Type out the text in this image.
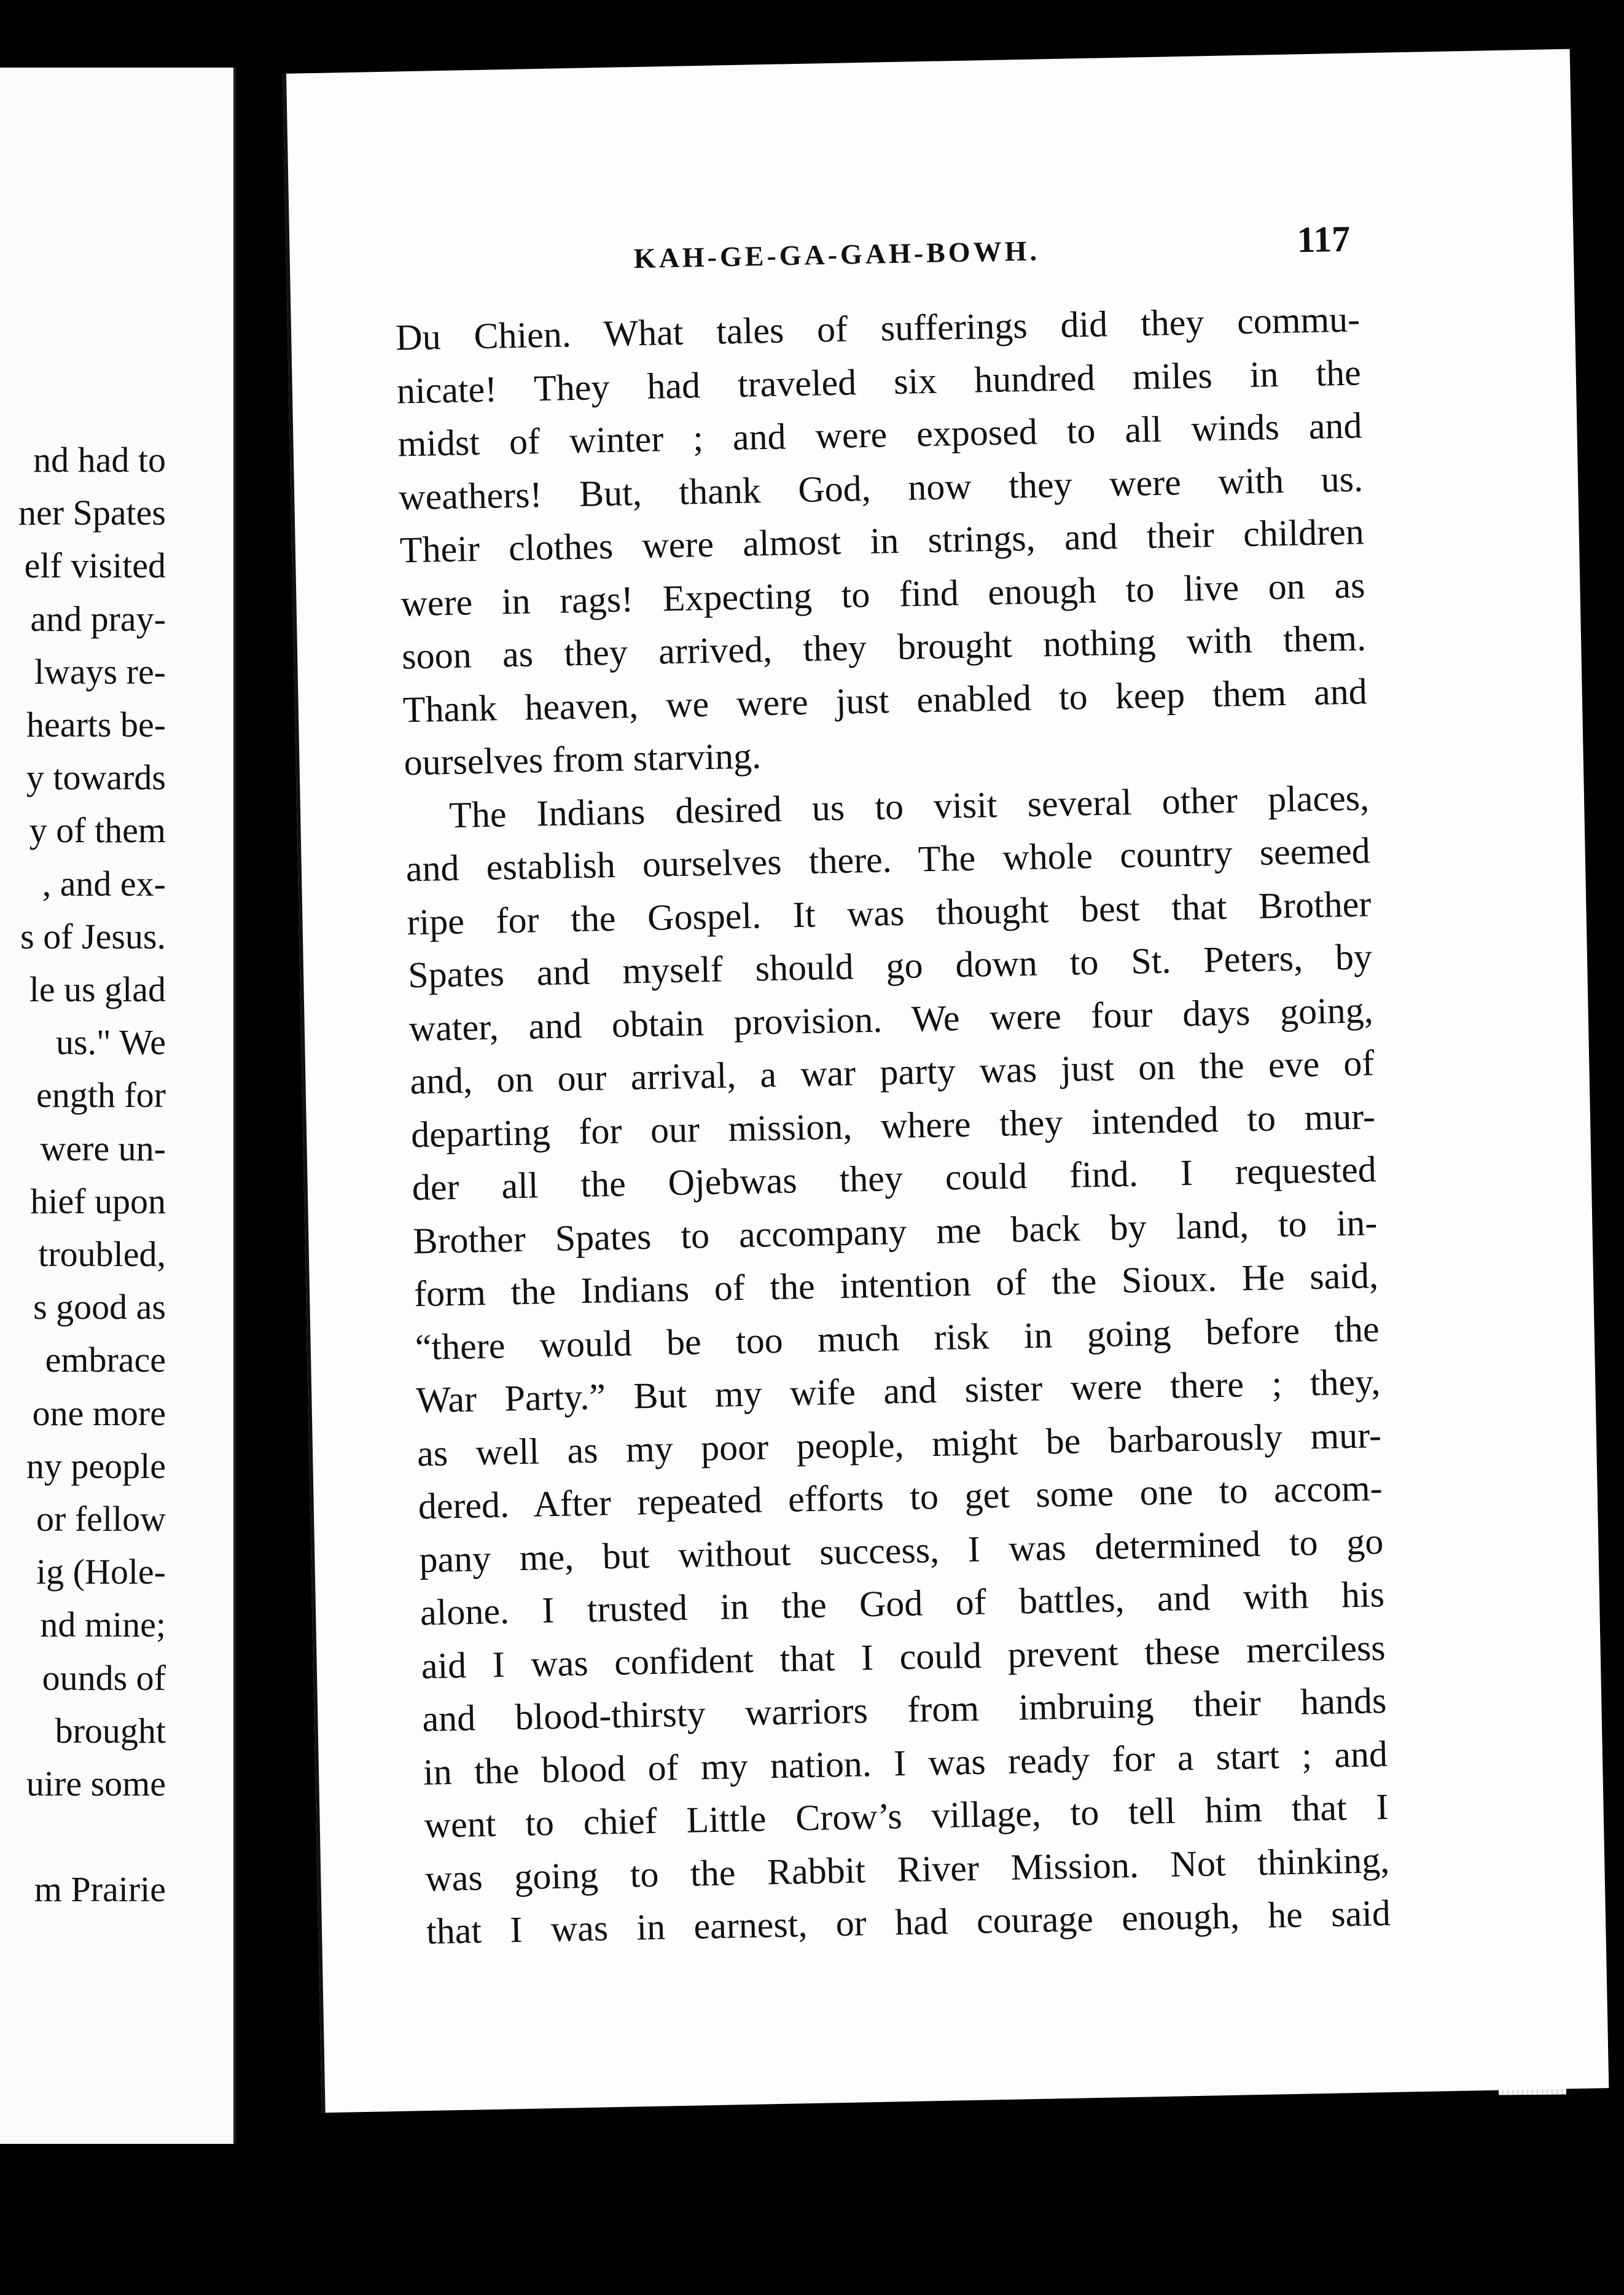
nd had to
ner Spates
elf visited
and pray-
lways re-
hearts be-
y towards
y of them
, and ex-
s of Jesus.
le us glad
us." We
ength for
were un-
hief upon
troubled,
s good as
embrace
one more
ny people
or fellow
ig (Hole-
nd mine;
ounds of
brought
uire some
m Prairie
KAH-GE-GA-GAH-BOWH.	117
Du Chien. What tales of sufferings did they commu-
nicate! They had traveled six hundred miles in the
midst of winter ; and were exposed to all winds and
weathers! But, thank God, now they were with us.
Their clothes were almost in strings, and their children
were in rags! Expecting to find enough to live on as
soon as they arrived, they brought nothing with them.
Thank heaven, we were just enabled to keep them and
ourselves from starving.
The Indians desired us to visit several other places,
and establish ourselves there. The whole country seemed
ripe for the Gospel. It was thought best that Brother
Spates and myself should go down to St. Peters, by
water, and obtain provision. We were four days going,
and, on our arrival, a war party was just on the eve of
departing for our mission, where they intended to mur-
der all the Ojebwas they could find. I requested
Brother Spates to accompany me back by land, to in-
form the Indians of the intention of the Sioux. He said,
“there would be too much risk in going before the
War Party.” But my wife and sister were there ; they,
as well as my poor people, might be barbarously mur-
dered. After repeated efforts to get some one to accom-
pany me, but without success, I was determined to go
alone. I trusted in the God of battles, and with his
aid I was confident that I could prevent these merciless
and blood-thirsty warriors from imbruing their hands
in the blood of my nation. I was ready for a start ; and
went to chief Little Crow’s village, to tell him that I
was going to the Rabbit River Mission. Not thinking,
that I was in earnest, or had courage enough, he said
